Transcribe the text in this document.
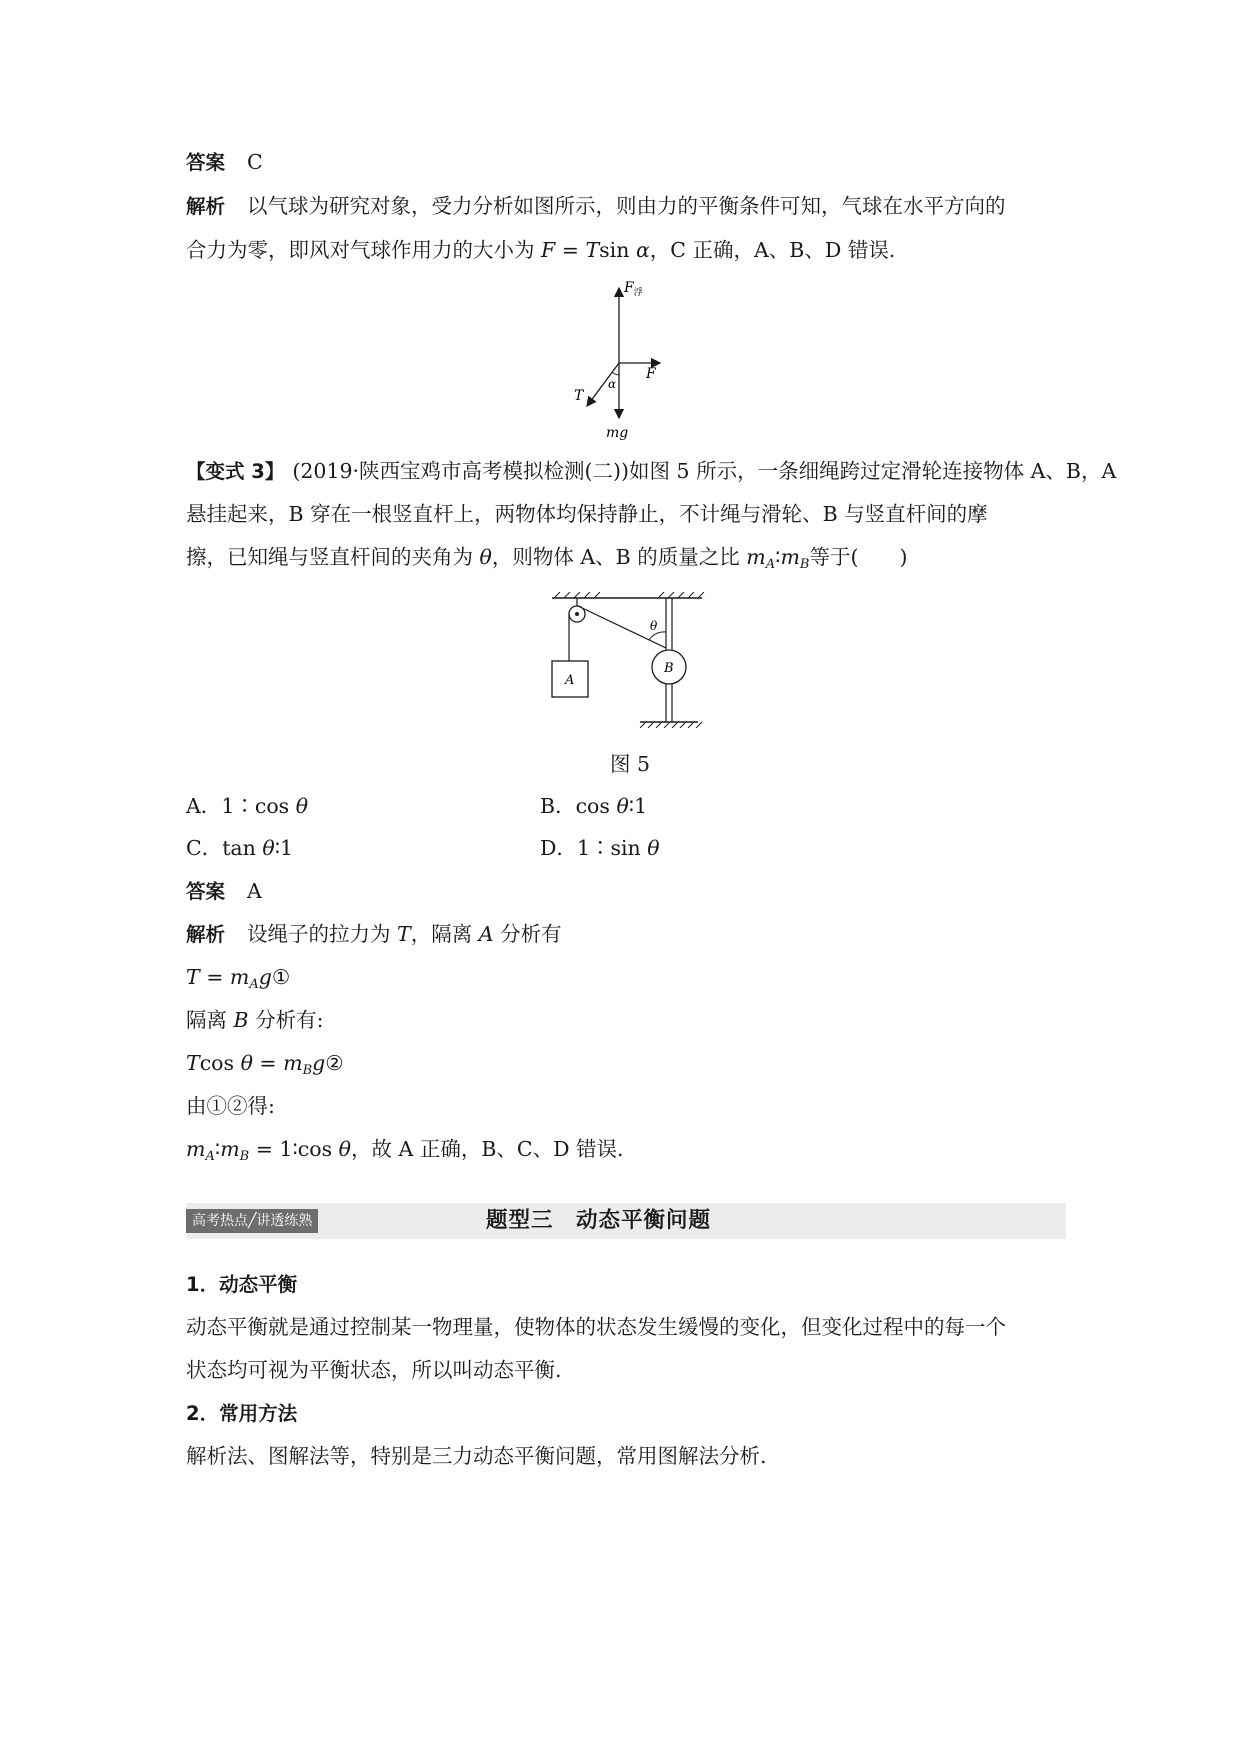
答案 C
解析 以气球为研究对象，受力分析如图所示，则由力的平衡条件可知，气球在水平方向的
合力为零，即风对气球作用力的大小为 F = Tsin α，C 正确，A、B、D 错误.
$F_浮$
F
T
α
mg
【变式 3】 (2019·陕西宝鸡市高考模拟检测(二))如图 5 所示，一条细绳跨过定滑轮连接物体 A、B，A
悬挂起来，B 穿在一根竖直杆上，两物体均保持静止，不计绳与滑轮、B 与竖直杆间的摩
擦，已知绳与竖直杆间的夹角为 θ，则物体 A、B 的质量之比 $m_A∶m_B$等于(　　)
A
B
θ
图 5
A．1∶cos θ	B．cos θ∶1
C．tan θ∶1	D．1∶sin θ
答案 A
解析 设绳子的拉力为 T，隔离 A 分析有
$T = m_Ag①$
隔离 B 分析有:
Tcos $\theta = m_Bg②$
由①②得:
$m_A∶m_B$ = 1∶cos θ，故 A 正确，B、C、D 错误.
高考热点╱讲透练熟	题型三　动态平衡问题
1．动态平衡
动态平衡就是通过控制某一物理量，使物体的状态发生缓慢的变化，但变化过程中的每一个
状态均可视为平衡状态，所以叫动态平衡.
2．常用方法
解析法、图解法等，特别是三力动态平衡问题，常用图解法分析.
